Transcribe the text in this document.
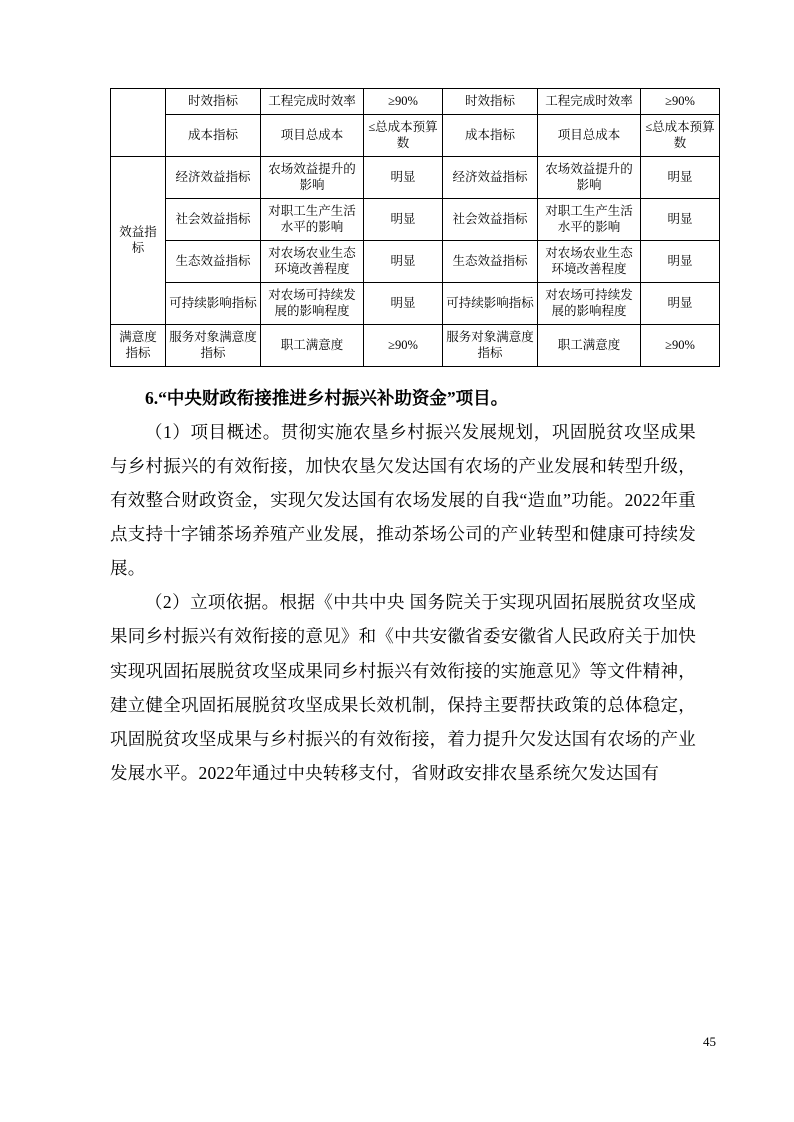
	时效指标	工程完成时效率	≥90%	时效指标	工程完成时效率	≥90%
	成本指标	项目总成本	≤总成本预算数	成本指标	项目总成本	≤总成本预算数
效益指标	经济效益指标	农场效益提升的影响	明显	经济效益指标	农场效益提升的影响	明显
	社会效益指标	对职工生产生活水平的影响	明显	社会效益指标	对职工生产生活水平的影响	明显
	生态效益指标	对农场农业生态环境改善程度	明显	生态效益指标	对农场农业生态环境改善程度	明显
	可持续影响指标	对农场可持续发展的影响程度	明显	可持续影响指标	对农场可持续发展的影响程度	明显
满意度指标	服务对象满意度指标	职工满意度	≥90%	服务对象满意度指标	职工满意度	≥90%

6.“中央财政衔接推进乡村振兴补助资金”项目。

（1）项目概述。贯彻实施农垦乡村振兴发展规划，巩固脱贫攻坚成果与乡村振兴的有效衔接，加快农垦欠发达国有农场的产业发展和转型升级，有效整合财政资金，实现欠发达国有农场发展的自我“造血”功能。2022年重点支持十字铺茶场养殖产业发展，推动茶场公司的产业转型和健康可持续发展。

（2）立项依据。根据《中共中央 国务院关于实现巩固拓展脱贫攻坚成果同乡村振兴有效衔接的意见》和《中共安徽省委安徽省人民政府关于加快实现巩固拓展脱贫攻坚成果同乡村振兴有效衔接的实施意见》等文件精神，建立健全巩固拓展脱贫攻坚成果长效机制，保持主要帮扶政策的总体稳定，巩固脱贫攻坚成果与乡村振兴的有效衔接，着力提升欠发达国有农场的产业发展水平。2022年通过中央转移支付，省财政安排农垦系统欠发达国有

45
